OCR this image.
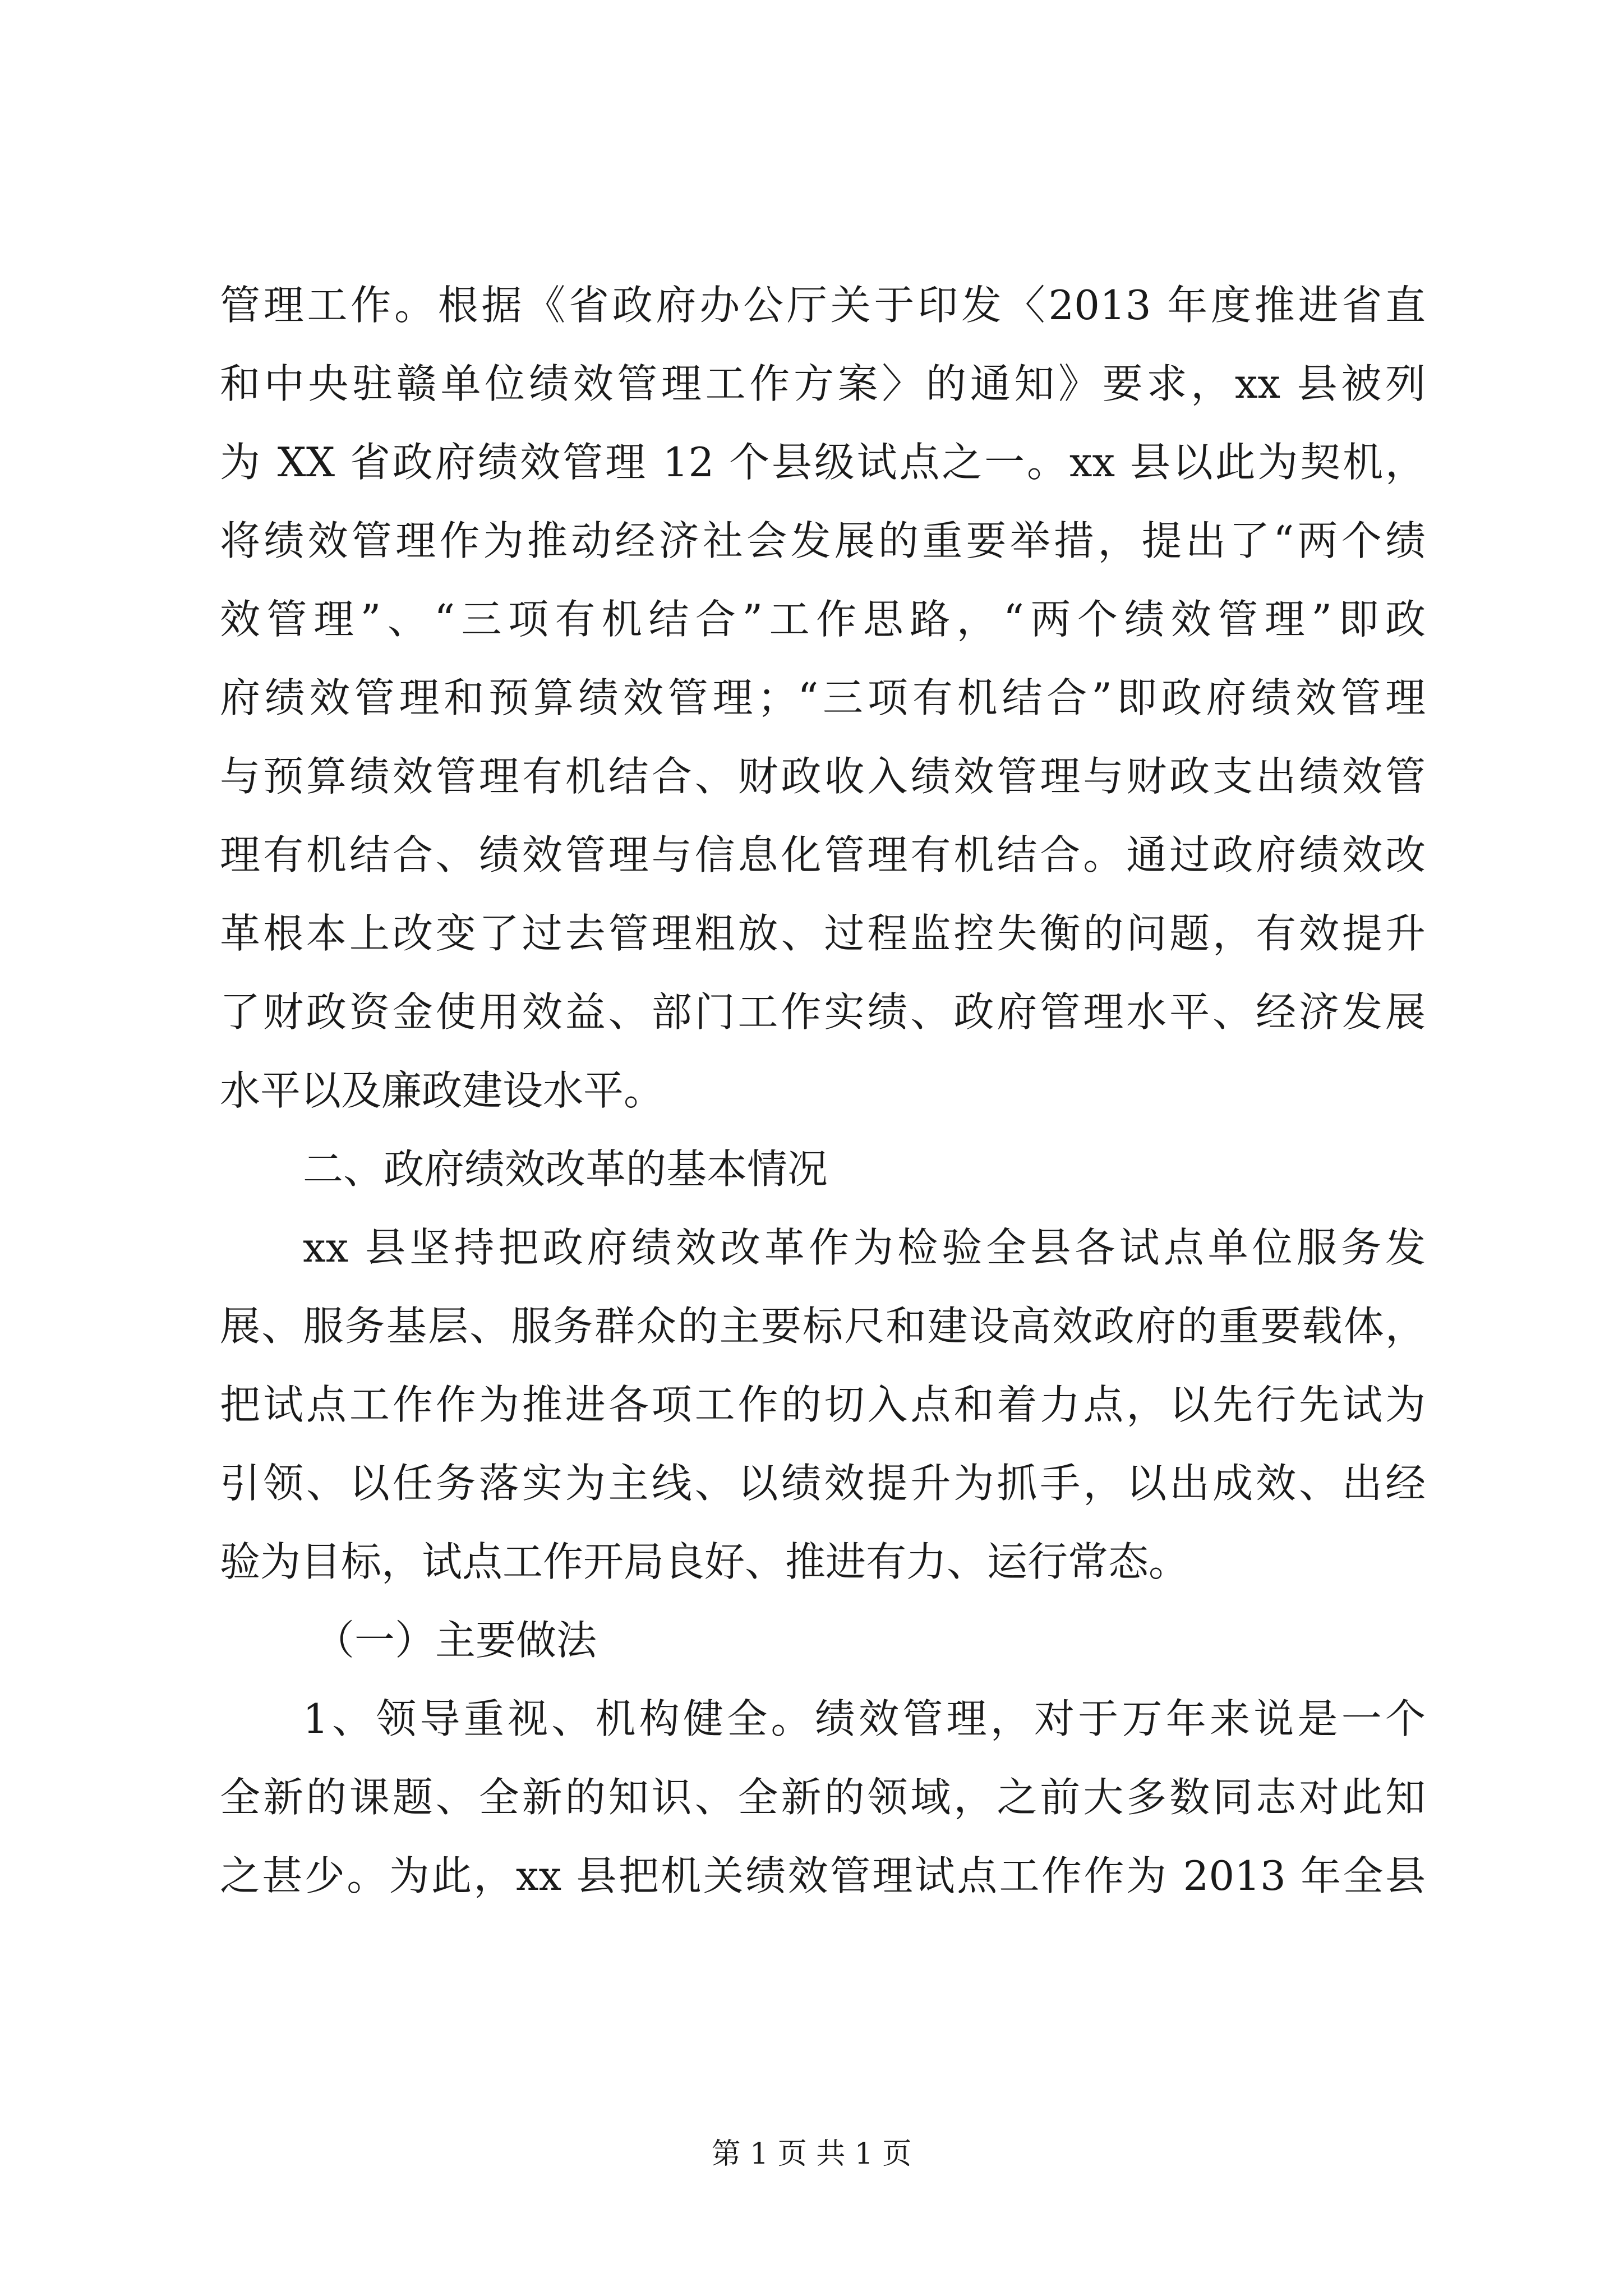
管理工作。根据《省政府办公厅关于印发〈2013 年度推进省直
和中央驻赣单位绩效管理工作方案〉的通知》要求，xx 县被列
为 XX 省政府绩效管理 12 个县级试点之一。xx 县以此为契机，
将绩效管理作为推动经济社会发展的重要举措，提出了“两个绩
效管理”、“三项有机结合”工作思路，“两个绩效管理”即政
府绩效管理和预算绩效管理；“三项有机结合”即政府绩效管理
与预算绩效管理有机结合、财政收入绩效管理与财政支出绩效管
理有机结合、绩效管理与信息化管理有机结合。通过政府绩效改
革根本上改变了过去管理粗放、过程监控失衡的问题，有效提升
了财政资金使用效益、部门工作实绩、政府管理水平、经济发展
水平以及廉政建设水平。
二、政府绩效改革的基本情况
xx 县坚持把政府绩效改革作为检验全县各试点单位服务发
展、服务基层、服务群众的主要标尺和建设高效政府的重要载体，
把试点工作作为推进各项工作的切入点和着力点，以先行先试为
引领、以任务落实为主线、以绩效提升为抓手，以出成效、出经
验为目标，试点工作开局良好、推进有力、运行常态。
（一）主要做法
1、领导重视、机构健全。绩效管理，对于万年来说是一个
全新的课题、全新的知识、全新的领域，之前大多数同志对此知
之甚少。为此，xx 县把机关绩效管理试点工作作为 2013 年全县
第 1 页 共 1 页
